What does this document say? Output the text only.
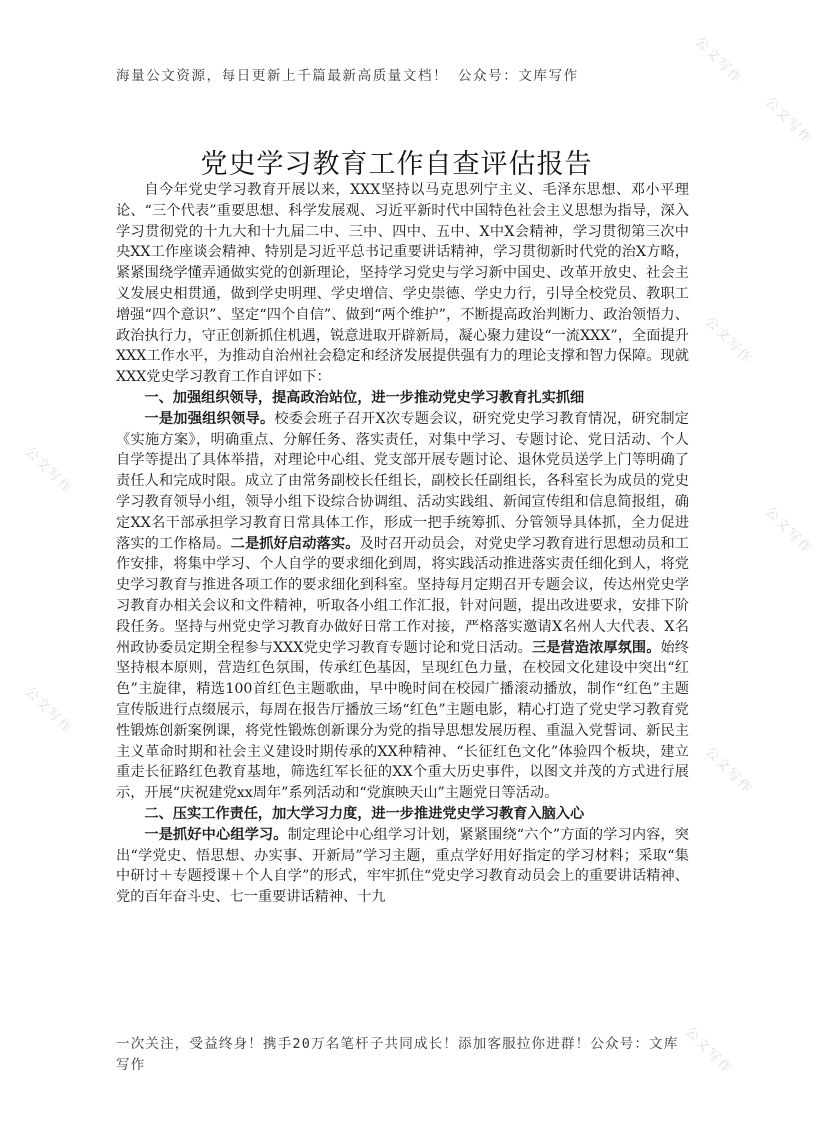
公文写作
公文写作
公文写作
公文写作
公文写作
公文写作
公文写作
公文写作
海量公文资源，每日更新上千篇最新高质量文档！ 公众号：文库写作
党史学习教育工作自查评估报告

自今年党史学习教育开展以来，XXX坚持以马克思列宁主义、毛泽东思想、邓小平理论、“三个代表”重要思想、科学发展观、习近平新时代中国特色社会主义思想为指导，深入学习贯彻党的十九大和十九届二中、三中、四中、五中、X中X会精神，学习贯彻第三次中央XX工作座谈会精神、特别是习近平总书记重要讲话精神，学习贯彻新时代党的治X方略，紧紧围绕学懂弄通做实党的创新理论，坚持学习党史与学习新中国史、改革开放史、社会主义发展史相贯通，做到学史明理、学史增信、学史崇德、学史力行，引导全校党员、教职工增强“四个意识”、坚定“四个自信”、做到“两个维护”，不断提高政治判断力、政治领悟力、政治执行力，守正创新抓住机遇，锐意进取开辟新局，凝心聚力建设“一流XXX”，全面提升XXX工作水平，为推动自治州社会稳定和经济发展提供强有力的理论支撑和智力保障。现就XXX党史学习教育工作自评如下：

一、加强组织领导，提高政治站位，进一步推动党史学习教育扎实抓细

一是加强组织领导。校委会班子召开X次专题会议，研究党史学习教育情况，研究制定《实施方案》，明确重点、分解任务、落实责任，对集中学习、专题讨论、党日活动、个人自学等提出了具体举措，对理论中心组、党支部开展专题讨论、退休党员送学上门等明确了责任人和完成时限。成立了由常务副校长任组长，副校长任副组长，各科室长为成员的党史学习教育领导小组，领导小组下设综合协调组、活动实践组、新闻宣传组和信息简报组，确定XX名干部承担学习教育日常具体工作，形成一把手统筹抓、分管领导具体抓，全力促进落实的工作格局。二是抓好启动落实。及时召开动员会，对党史学习教育进行思想动员和工作安排，将集中学习、个人自学的要求细化到周，将实践活动推进落实责任细化到人，将党史学习教育与推进各项工作的要求细化到科室。坚持每月定期召开专题会议，传达州党史学习教育办相关会议和文件精神，听取各小组工作汇报，针对问题，提出改进要求，安排下阶段任务。坚持与州党史学习教育办做好日常工作对接，严格落实邀请X名州人大代表、X名州政协委员定期全程参与XXX党史学习教育专题讨论和党日活动。三是营造浓厚氛围。始终坚持根本原则，营造红色氛围，传承红色基因，呈现红色力量，在校园文化建设中突出“红色”主旋律，精选100首红色主题歌曲，早中晚时间在校园广播滚动播放，制作“红色”主题宣传版进行点缀展示，每周在报告厅播放三场“红色”主题电影，精心打造了党史学习教育党性锻炼创新案例课，将党性锻炼创新课分为党的指导思想发展历程、重温入党誓词、新民主主义革命时期和社会主义建设时期传承的XX种精神、“长征红色文化”体验四个板块，建立重走长征路红色教育基地，筛选红军长征的XX个重大历史事件，以图文并茂的方式进行展示，开展“庆祝建党xx周年”系列活动和“党旗映天山”主题党日等活动。

二、压实工作责任，加大学习力度，进一步推进党史学习教育入脑入心

一是抓好中心组学习。制定理论中心组学习计划，紧紧围绕“六个”方面的学习内容，突出“学党史、悟思想、办实事、开新局”学习主题，重点学好用好指定的学习材料；采取“集中研讨＋专题授课＋个人自学”的形式，牢牢抓住“党史学习教育动员会上的重要讲话精神、党的百年奋斗史、七一重要讲话精神、十九

一次关注，受益终身！携手20万名笔杆子共同成长！添加客服拉你进群！公众号：文库写作
